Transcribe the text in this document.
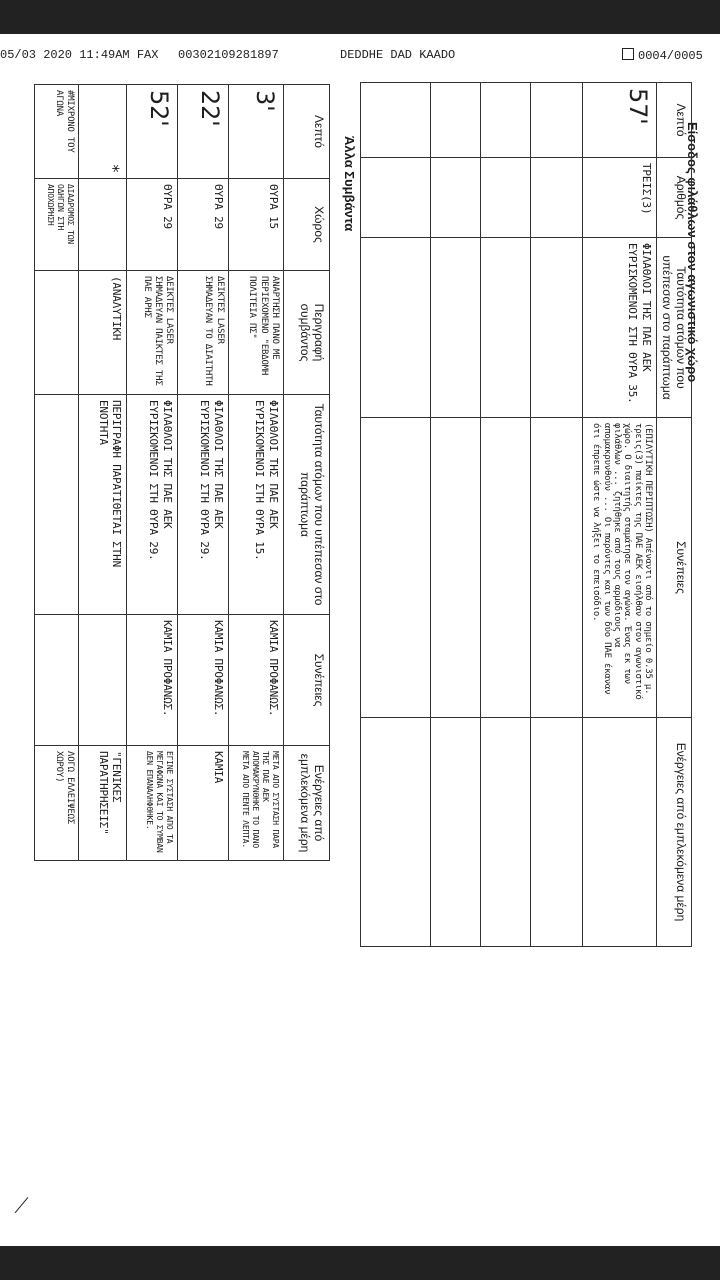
05/03 2020 11:49AM FAX 00302109281897	DEDDHE DAD KAADO	0004/0005
Είσοδος φιλάθλων στον αγωνιστικό χώρο
Λεπτό	Αριθμός	Ταυτότητα ατόμων που υπέπεσαν στο παράπτωμα	Συνέπειες	Ενέργειες από εμπλεκόμενα μέρη
57'	ΤΡΕΙΣ(3)	ΦΙΛΑΘΛΟΙ ΤΗΣ ΠΑΕ ΑΕΚ ΕΥΡΙΣΚΟΜΕΝΟΙ ΣΤΗ ΘΥΡΑ 35.	(ΕΠΙΛΥΤΙΚΗ ΠΕΡΙΠΤΩΣΗ) Απέναντι από το σημείο 0.35 μ. τρεις(3) παίκτες της ΠΑΕ ΑΕΚ εισήλθαν στον αγωνιστικό χώρο. Ο διαιτητής σταμάτησε τον αγώνα. Ένας εκ των φιλάθλων ... ζητήθηκε από τους αρμόδιους να απομακρυνθούν ... Οι παρόντες και των δύο ΠΑΕ έκαναν ότι έπρεπε ώστε να λήξει το επεισόδιο.	

Άλλα Συμβάντα
Λεπτό	Χώρος	Περιγραφή συμβάντος	Ταυτότητα ατόμων που υπέπεσαν στο παράπτωμα	Συνέπειες	Ενέργειες από εμπλεκόμενα μέρη
3'	ΘΥΡΑ 15	ΑΝΑΡΤΗΣΗ ΠΑΝΟ ΜΕ ΠΕΡΙΕΧΟΜΕΝΟ "ΕΒΔΟΜΗ ΠΟΛΙΤΕΙΑ ΠΣ"	ΦΙΛΑΘΛΟΙ ΤΗΣ ΠΑΕ ΑΕΚ ΕΥΡΙΣΚΟΜΕΝΟΙ ΣΤΗ ΘΥΡΑ 15.	ΚΑΜΙΑ ΠΡΟΦΑΝΩΣ.	ΜΕΤΑ ΑΠΟ ΣΥΣΤΑΣΗ ΠΑΡΑ ΤΗΣ ΠΑΕ ΑΕΚ ΑΠΟΜΑΚΡΥΝΘΗΚΕ ΤΟ ΠΑΝΟ ΜΕΤΑ ΑΠΟ ΠΕΝΤΕ ΛΕΠΤΑ.
22'	ΘΥΡΑ 29	ΔΕΙΚΤΕΣ LASER ΣΗΜΑΔΕΥΑΝ ΤΟ ΔΙΑΙΤΗΤΗ	ΦΙΛΑΘΛΟΙ ΤΗΣ ΠΑΕ ΑΕΚ ΕΥΡΙΣΚΟΜΕΝΟΙ ΣΤΗ ΘΥΡΑ 29.	ΚΑΜΙΑ ΠΡΟΦΑΝΩΣ.	ΚΑΜΙΑ
52'	ΘΥΡΑ 29	ΔΕΙΚΤΕΣ LASER ΣΗΜΑΔΕΥΑΝ ΠΑΙΚΤΕΣ ΤΗΣ ΠΑΕ ΑΡΗΣ	ΦΙΛΑΘΛΟΙ ΤΗΣ ΠΑΕ ΑΕΚ ΕΥΡΙΣΚΟΜΕΝΟΙ ΣΤΗ ΘΥΡΑ 29.	ΚΑΜΙΑ ΠΡΟΦΑΝΩΣ.	ΕΓΙΝΕ ΣΥΣΤΑΣΗ ΑΠΟ ΤΑ ΜΕΓΑΦΩΝΑ ΚΑΙ ΤΟ ΣΥΜΒΑΝ ΔΕΝ ΕΠΑΝΑΛΗΦΘΗΚΕ.
*		(ΑΝΑΛΥΤΙΚΗ	ΠΕΡΙΓΡΑΦΗ ΠΑΡΑΤΙΘΕΤΑΙ ΣΤΗΝ ΕΝΟΤΗΤΑ		"ΓΕΝΙΚΕΣ ΠΑΡΑΤΗΡΗΣΕΙΣ"
#ΜΙΧΡΟΝΟ ΤΟΥ ΑΓΩΝΑ	ΔΙΑΔΡΟΜΟΣ ΤΩΝ ΟΔΗΓΩΝ ΣΤΗ ΑΠΟΧΩΡΗΣΗ				ΛΟΓΩ ΕΛΛΕΙΨΕΩΣ ΧΩΡΟΥ)
